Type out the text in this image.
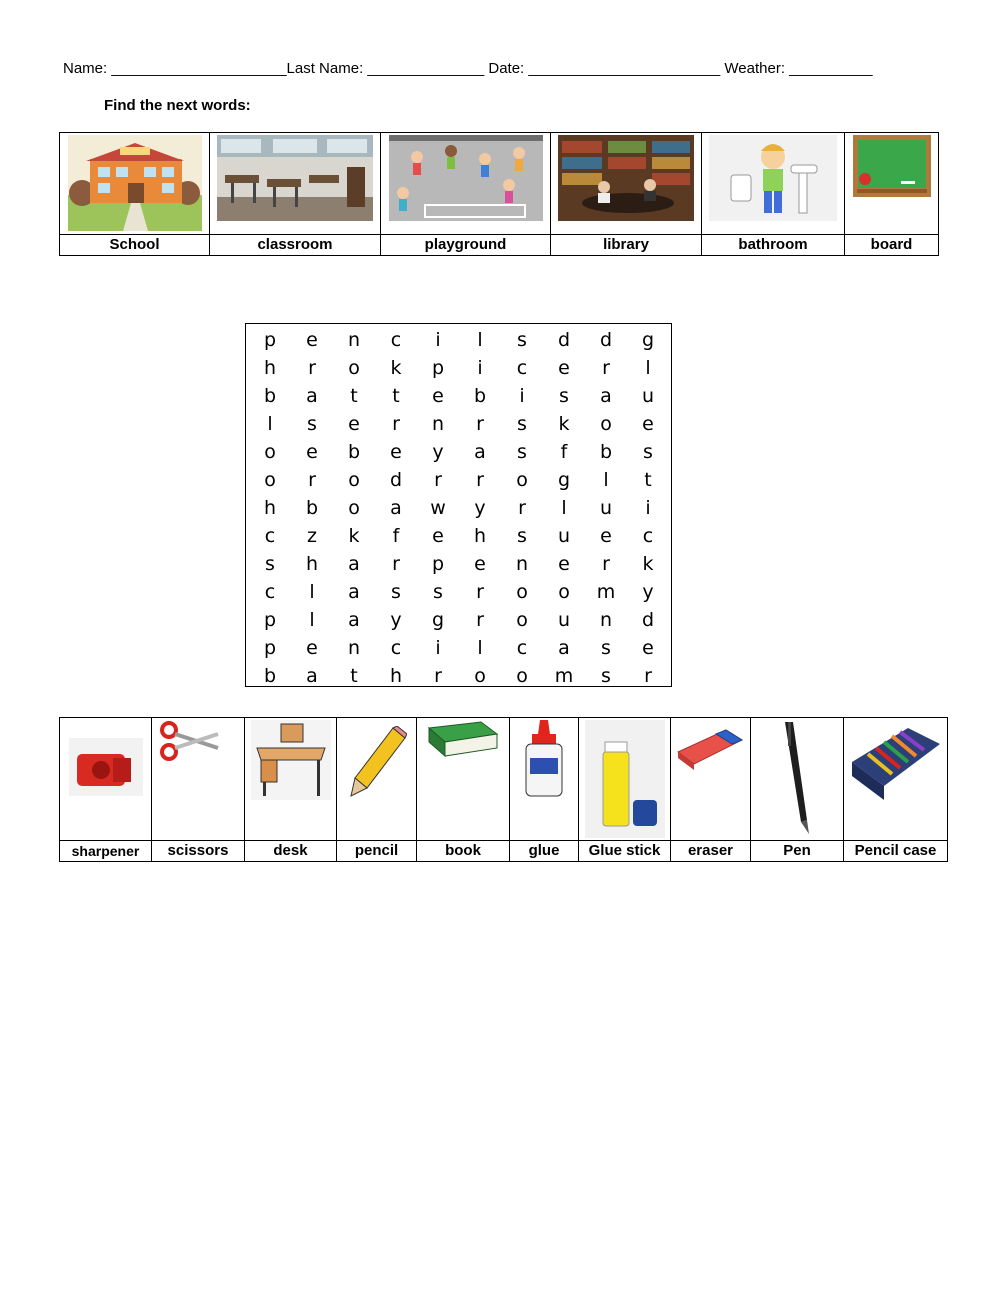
Name: _____________________Last Name: ______________ Date: _______________________ Weather: __________
Find the next words:

School	classroom	playground	library	bathroom	board
p	e	n	c	i	l	s	d	d	g
h	r	o	k	p	i	c	e	r	l
b	a	t	t	e	b	i	s	a	u
l	s	e	r	n	r	s	k	o	e
o	e	b	e	y	a	s	f	b	s
o	r	o	d	r	r	o	g	l	t
h	b	o	a	w	y	r	l	u	i
c	z	k	f	e	h	s	u	e	c
s	h	a	r	p	e	n	e	r	k
c	l	a	s	s	r	o	o	m	y
p	l	a	y	g	r	o	u	n	d
p	e	n	c	i	l	c	a	s	e
b	a	t	h	r	o	o	m	s	r

sharpener	scissors	desk	pencil	book	glue	Glue stick	eraser	Pen	Pencil case
